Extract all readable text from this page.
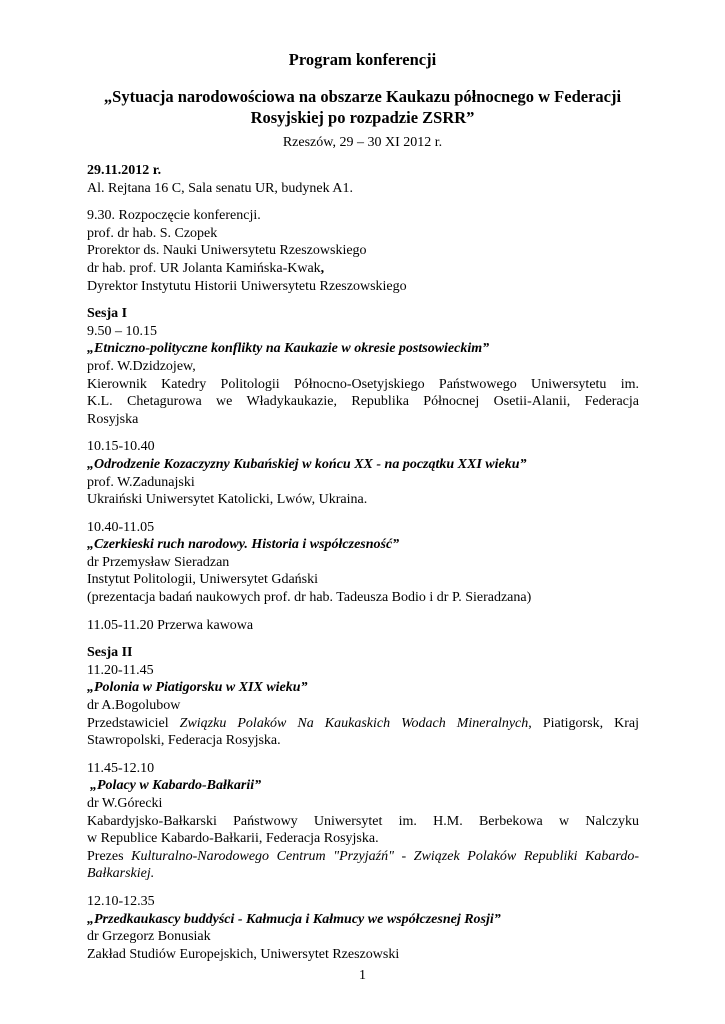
Program konferencji
„Sytuacja narodowościowa na obszarze Kaukazu północnego w Federacji
Rosyjskiej po rozpadzie ZSRR”
Rzeszów, 29 – 30 XI 2012 r.
29.11.2012 r.
Al. Rejtana 16 C, Sala senatu UR, budynek A1.
9.30. Rozpoczęcie konferencji.
prof. dr hab. S. Czopek
Prorektor ds. Nauki Uniwersytetu Rzeszowskiego
dr hab. prof. UR Jolanta Kamińska-Kwak,
Dyrektor Instytutu Historii Uniwersytetu Rzeszowskiego
Sesja I
9.50 – 10.15
„Etniczno-polityczne konflikty na Kaukazie w okresie postsowieckim”
prof. W.Dzidzojew,
Kierownik Katedry Politologii Północno-Osetyjskiego Państwowego Uniwersytetu im.
K.L. Chetagurowa we Władykaukazie, Republika Północnej Osetii-Alanii, Federacja
Rosyjska
10.15-10.40
„Odrodzenie Kozaczyzny Kubańskiej w końcu XX - na początku XXI wieku”
prof. W.Zadunajski
Ukraiński Uniwersytet Katolicki, Lwów, Ukraina.
10.40-11.05
„Czerkieski ruch narodowy. Historia i współczesność”
dr Przemysław Sieradzan
Instytut Politologii, Uniwersytet Gdański
(prezentacja badań naukowych prof. dr hab. Tadeusza Bodio i dr P. Sieradzana)
11.05-11.20 Przerwa kawowa
Sesja II
11.20-11.45
„Polonia w Piatigorsku w XIX wieku”
dr A.Bogolubow
Przedstawiciel Związku Polaków Na Kaukaskich Wodach Mineralnych, Piatigorsk, Kraj
Stawropolski, Federacja Rosyjska.
11.45-12.10
„Polacy w Kabardo-Bałkarii”
dr W.Górecki
Kabardyjsko-Bałkarski Państwowy Uniwersytet im. H.M. Berbekowa w Nalczyku
w Republice Kabardo-Bałkarii, Federacja Rosyjska.
Prezes Kulturalno-Narodowego Centrum "Przyjaźń" - Związek Polaków Republiki Kabardo-
Bałkarskiej.
12.10-12.35
„Przedkaukascy buddyści - Kałmucja i Kałmucy we współczesnej Rosji”
dr Grzegorz Bonusiak
Zakład Studiów Europejskich, Uniwersytet Rzeszowski
1
